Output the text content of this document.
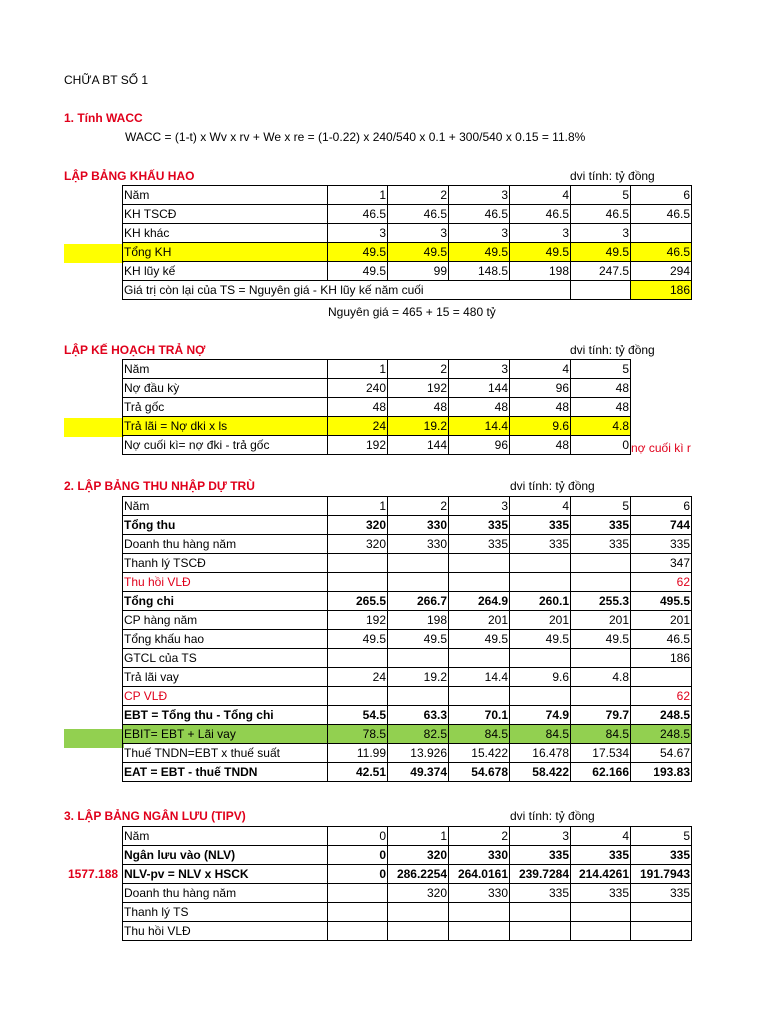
CHỮA BT SỐ 1
1. Tính WACC
WACC = (1-t) x Wv x rv + We x re = (1-0.22) x 240/540 x 0.1 + 300/540 x 0.15 = 11.8%
LẬP BẢNG KHẤU HAO	dvi tính: tỷ đồng
Năm	1	2	3	4	5	6
KH TSCĐ	46.5	46.5	46.5	46.5	46.5	46.5
KH khác	3	3	3	3	3	
Tổng KH	49.5	49.5	49.5	49.5	49.5	46.5
KH lũy kế	49.5	99	148.5	198	247.5	294
Giá trị còn lại của TS = Nguyên giá - KH lũy kế năm cuối						186
Nguyên giá = 465 + 15 = 480 tỷ
LẬP KẾ HOẠCH TRẢ NỢ	dvi tính: tỷ đồng
Năm	1	2	3	4	5
Nợ đầu kỳ	240	192	144	96	48
Trả gốc	48	48	48	48	48
Trả lãi = Nợ dki x ls	24	19.2	14.4	9.6	4.8
Nợ cuối kì= nợ đki - trả gốc	192	144	96	48	0 nợ cuối kì r
2. LẬP BẢNG THU NHẬP DỰ TRÙ	dvi tính: tỷ đồng
Năm	1	2	3	4	5	6
Tổng thu	320	330	335	335	335	744
Doanh thu hàng năm	320	330	335	335	335	335
Thanh lý TSCĐ						347
Thu hồi VLĐ						62
Tổng chi	265.5	266.7	264.9	260.1	255.3	495.5
CP hàng năm	192	198	201	201	201	201
Tổng khấu hao	49.5	49.5	49.5	49.5	49.5	46.5
GTCL của TS						186
Trả lãi vay	24	19.2	14.4	9.6	4.8	
CP VLĐ						62
EBT = Tổng thu - Tổng chi	54.5	63.3	70.1	74.9	79.7	248.5
EBIT= EBT + Lãi vay	78.5	82.5	84.5	84.5	84.5	248.5
Thuế TNDN=EBT x thuế suất	11.99	13.926	15.422	16.478	17.534	54.67
EAT = EBT - thuế TNDN	42.51	49.374	54.678	58.422	62.166	193.83
3. LẬP BẢNG NGÂN LƯU (TIPV)	dvi tính: tỷ đồng
1577.188
Năm	0	1	2	3	4	5
Ngân lưu vào (NLV)	0	320	330	335	335	335
NLV-pv = NLV x HSCK	0	286.2254	264.0161	239.7284	214.4261	191.7943
Doanh thu hàng năm		320	330	335	335	335
Thanh lý TS						
Thu hồi VLĐ						
